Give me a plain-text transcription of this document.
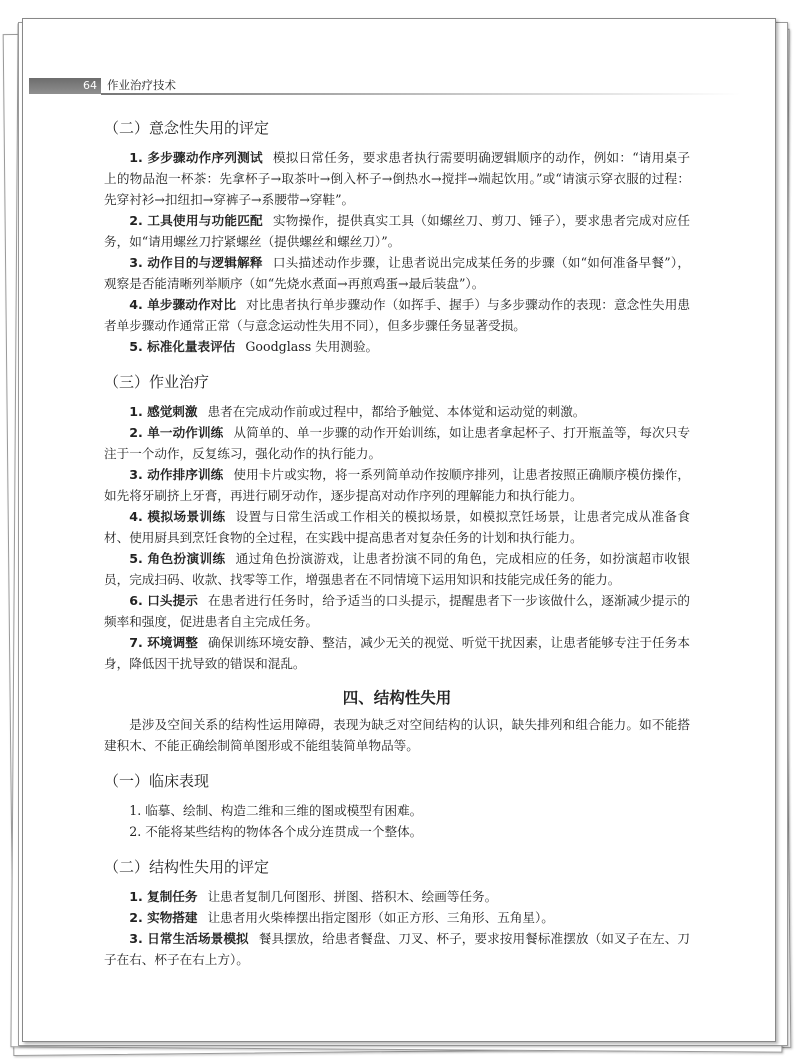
64 作业治疗技术
（二）意念性失用的评定

1. 多步骤动作序列测试 模拟日常任务，要求患者执行需要明确逻辑顺序的动作，例如：“请用桌子上的物品泡一杯茶：先拿杯子→取茶叶→倒入杯子→倒热水→搅拌→端起饮用。”或“请演示穿衣服的过程：先穿衬衫→扣纽扣→穿裤子→系腰带→穿鞋”。

2. 工具使用与功能匹配 实物操作，提供真实工具（如螺丝刀、剪刀、锤子），要求患者完成对应任务，如“请用螺丝刀拧紧螺丝（提供螺丝和螺丝刀）”。

3. 动作目的与逻辑解释 口头描述动作步骤，让患者说出完成某任务的步骤（如“如何准备早餐”），观察是否能清晰列举顺序（如“先烧水煮面→再煎鸡蛋→最后装盘”）。

4. 单步骤动作对比 对比患者执行单步骤动作（如挥手、握手）与多步骤动作的表现：意念性失用患者单步骤动作通常正常（与意念运动性失用不同），但多步骤任务显著受损。

5. 标准化量表评估 Goodglass 失用测验。

（三）作业治疗

1. 感觉刺激 患者在完成动作前或过程中，都给予触觉、本体觉和运动觉的刺激。

2. 单一动作训练 从简单的、单一步骤的动作开始训练，如让患者拿起杯子、打开瓶盖等，每次只专注于一个动作，反复练习，强化动作的执行能力。

3. 动作排序训练 使用卡片或实物，将一系列简单动作按顺序排列，让患者按照正确顺序模仿操作，如先将牙刷挤上牙膏，再进行刷牙动作，逐步提高对动作序列的理解能力和执行能力。

4. 模拟场景训练 设置与日常生活或工作相关的模拟场景，如模拟烹饪场景，让患者完成从准备食材、使用厨具到烹饪食物的全过程，在实践中提高患者对复杂任务的计划和执行能力。

5. 角色扮演训练 通过角色扮演游戏，让患者扮演不同的角色，完成相应的任务，如扮演超市收银员，完成扫码、收款、找零等工作，增强患者在不同情境下运用知识和技能完成任务的能力。

6. 口头提示 在患者进行任务时，给予适当的口头提示，提醒患者下一步该做什么，逐渐减少提示的频率和强度，促进患者自主完成任务。

7. 环境调整 确保训练环境安静、整洁，减少无关的视觉、听觉干扰因素，让患者能够专注于任务本身，降低因干扰导致的错误和混乱。

四、结构性失用

是涉及空间关系的结构性运用障碍，表现为缺乏对空间结构的认识，缺失排列和组合能力。如不能搭建积木、不能正确绘制简单图形或不能组装简单物品等。

（一）临床表现

1. 临摹、绘制、构造二维和三维的图或模型有困难。

2. 不能将某些结构的物体各个成分连贯成一个整体。

（二）结构性失用的评定

1. 复制任务 让患者复制几何图形、拼图、搭积木、绘画等任务。

2. 实物搭建 让患者用火柴棒摆出指定图形（如正方形、三角形、五角星）。

3. 日常生活场景模拟 餐具摆放，给患者餐盘、刀叉、杯子，要求按用餐标准摆放（如叉子在左、刀子在右、杯子在右上方）。
